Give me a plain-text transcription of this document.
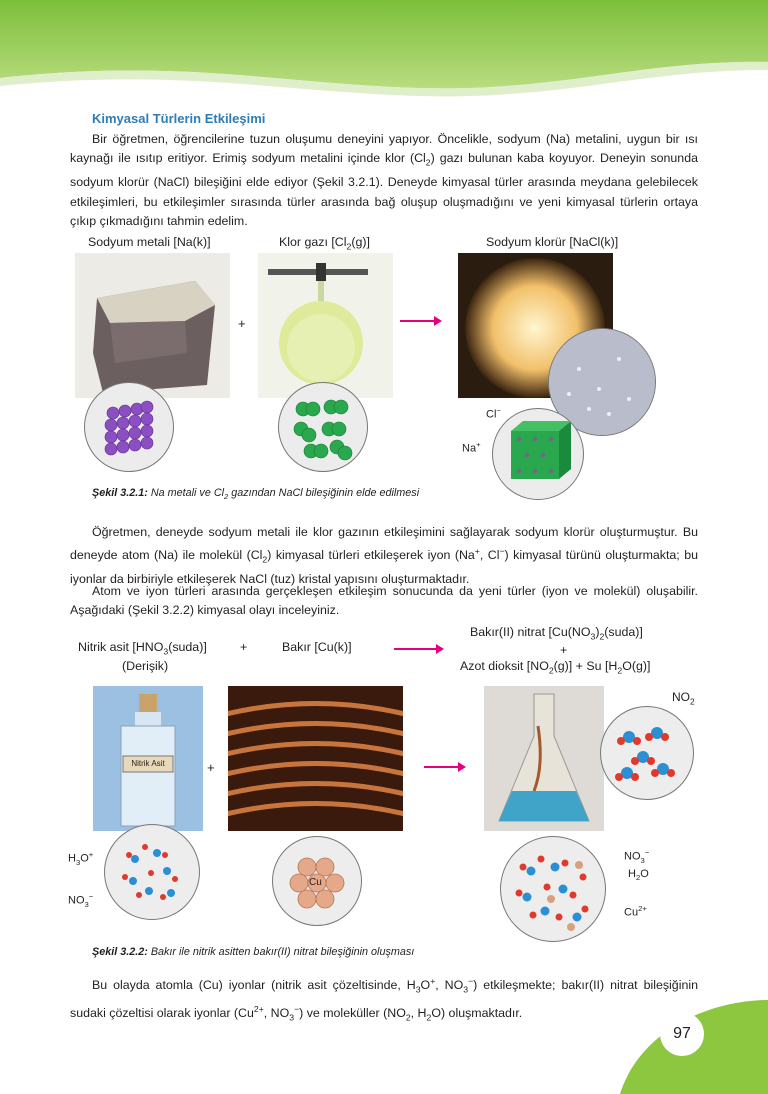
Kimyasal Türlerin Etkileşimi
Bir öğretmen, öğrencilerine tuzun oluşumu deneyini yapıyor. Öncelikle, sodyum (Na) metalini, uygun bir ısı kaynağı ile ısıtıp eritiyor. Erimiş sodyum metalini içinde klor $(Cl_2)$ gazı bulunan kaba koyuyor. Deneyin sonunda sodyum klorür (NaCl) bileşiğini elde ediyor (Şekil 3.2.1). Deneyde kimyasal türler arasında meydana gelebilecek etkileşimleri, bu etkileşimler sırasında türler arasında bağ oluşup oluşmadığını ve yeni kimyasal türlerin ortaya çıkıp çıkmadığını tahmin edelim.
Sodyum metali [Na(k)]	Klor gazı $[Cl_2(g)]$	Sodyum klorür [NaCl(k)]
+
Cl−
Na+
Şekil 3.2.1: Na metali ve $Cl_2$ gazından NaCl bileşiğinin elde edilmesi
Öğretmen, deneyde sodyum metali ile klor gazının etkileşimini sağlayarak sodyum klorür oluşturmuştur. Bu deneyde atom (Na) ile molekül $(Cl_2)$ kimyasal türleri etkileşerek iyon (Na+, Cl−) kimyasal türünü oluşturmakta; bu iyonlar da birbiriyle etkileşerek NaCl (tuz) kristal yapısını oluşturmaktadır.
Atom ve iyon türleri arasında gerçekleşen etkileşim sonucunda da yeni türler (iyon ve molekül) oluşabilir. Aşağıdaki (Şekil 3.2.2) kimyasal olayı inceleyiniz.
Nitrik asit $[HNO_3(suda)]$
(Derişik)
+	Bakır [Cu(k)]
Bakır(II) nitrat $[Cu(NO_3)_2(suda)]$
+
Azot dioksit $[NO_2(g)] + Su$ $[H_2O(g)]$
Nitrik Asit	+
Cu
$H_3O^+$
$NO_3^-$
$NO_2$
$NO_3^-$
$H_2O$
$Cu^{2+}$
Şekil 3.2.2: Bakır ile nitrik asitten bakır(II) nitrat bileşiğinin oluşması
Bu olayda atomla (Cu) iyonlar (nitrik asit çözeltisinde, $H_3O^+$, $NO_3^-$) etkileşmekte; bakır(II) nitrat bileşiğinin sudaki çözeltisi olarak iyonlar ($Cu^{2+}$, $NO_3^-$) ve moleküller ($NO_2$, $H_2O$) oluşmaktadır.
97
